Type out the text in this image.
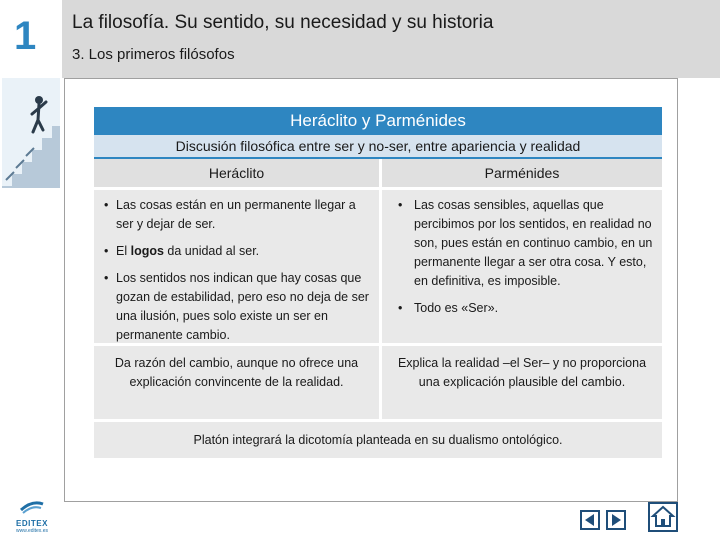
1 La filosofía. Su sentido, su necesidad y su historia
3. Los primeros filósofos
Heráclito y Parménides
Discusión filosófica entre ser y no-ser, entre apariencia y realidad
Heráclito	Parménides
• Las cosas están en un permanente llegar a ser y dejar de ser.
• El logos da unidad al ser.
• Los sentidos nos indican que hay cosas que gozan de estabilidad, pero eso no deja de ser una ilusión, pues solo existe un ser en permanente cambio.
• Las cosas sensibles, aquellas que percibimos por los sentidos, en realidad no son, pues están en continuo cambio, en un permanente llegar a ser otra cosa. Y esto, en definitiva, es imposible.
• Todo es «Ser».
Da razón del cambio, aunque no ofrece una explicación convincente de la realidad.
Explica la realidad –el Ser– y no proporciona una explicación plausible del cambio.
Platón integrará la dicotomía planteada en su dualismo ontológico.
EDITEX
www.editex.es
